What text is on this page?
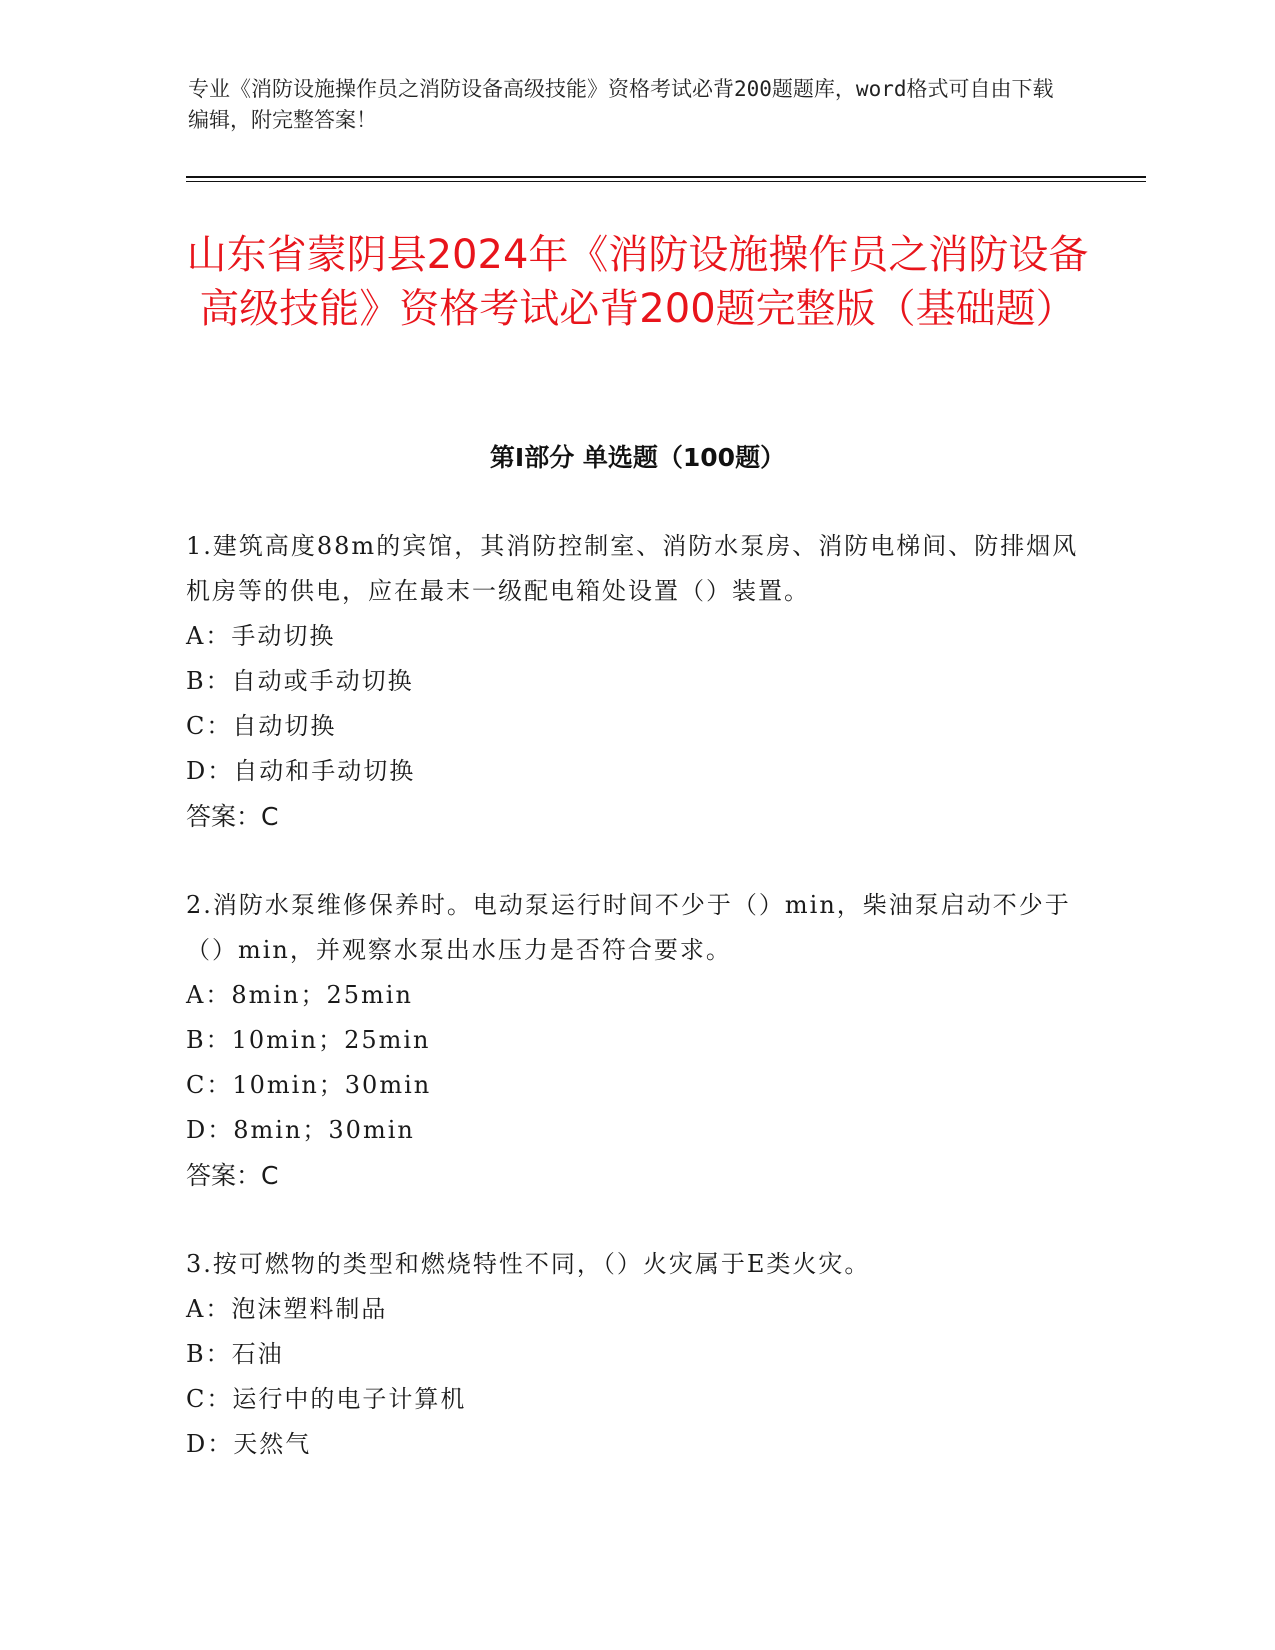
专业《消防设施操作员之消防设备高级技能》资格考试必背200题题库，word格式可自由下载编辑，附完整答案！
山东省蒙阴县2024年《消防设施操作员之消防设备高级技能》资格考试必背200题完整版（基础题）
第Ⅰ部分 单选题（100题）

1.建筑高度88m的宾馆，其消防控制室、消防水泵房、消防电梯间、防排烟风机房等的供电，应在最末一级配电箱处设置（）装置。

A：手动切换

B：自动或手动切换

C：自动切换

D：自动和手动切换

答案：C

2.消防水泵维修保养时。电动泵运行时间不少于（）min，柴油泵启动不少于（）min，并观察水泵出水压力是否符合要求。

A：8min；25min

B：10min；25min

C：10min；30min

D：8min；30min

答案：C

3.按可燃物的类型和燃烧特性不同，（）火灾属于E类火灾。

A：泡沫塑料制品

B：石油

C：运行中的电子计算机

D：天然气
